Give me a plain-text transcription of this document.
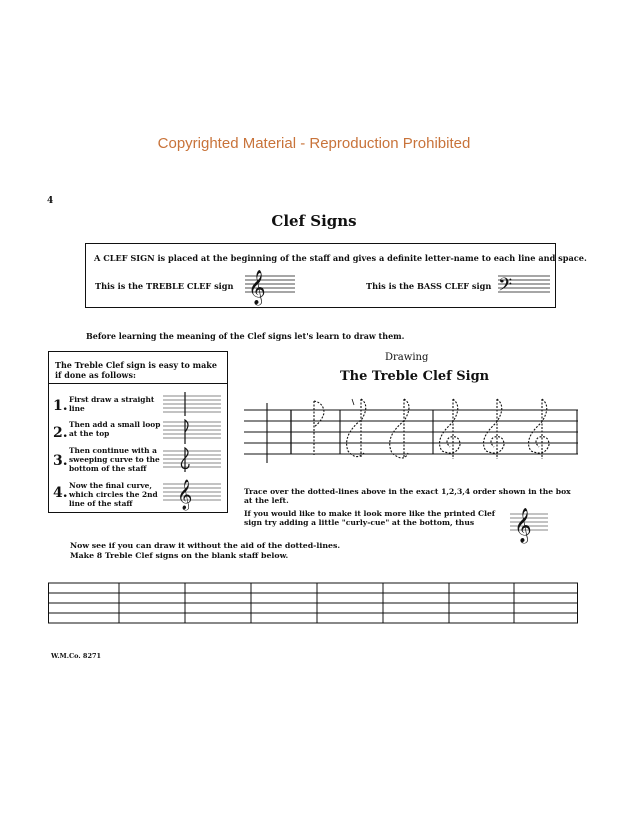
Copyrighted Material - Reproduction Prohibited
4
Clef Signs
A CLEF SIGN is placed at the beginning of the staff and gives a definite letter-name to each line and space.
This is the TREBLE CLEF sign	This is the BASS CLEF sign
𝄞	𝄢
Before learning the meaning of the Clef signs let's learn to draw them.
The Treble Clef sign is easy to make if done as follows:
1. First draw a straight line
2.
Then add a small loop at the top
3.
Then continue with a sweeping curve to the bottom of the staff
4. Now the final curve, which circles the 2nd line of the staff	𝄞
Drawing
The Treble Clef Sign
Trace over the dotted-lines above in the exact 1,2,3,4 order shown in the box at the left.
If you would like to make it look more like the printed Clef sign try adding a little "curly-cue" at the bottom, thus	𝄞
Now see if you can draw it without the aid of the dotted-lines.
Make 8 Treble Clef signs on the blank staff below.
W.M.Co. 8271
